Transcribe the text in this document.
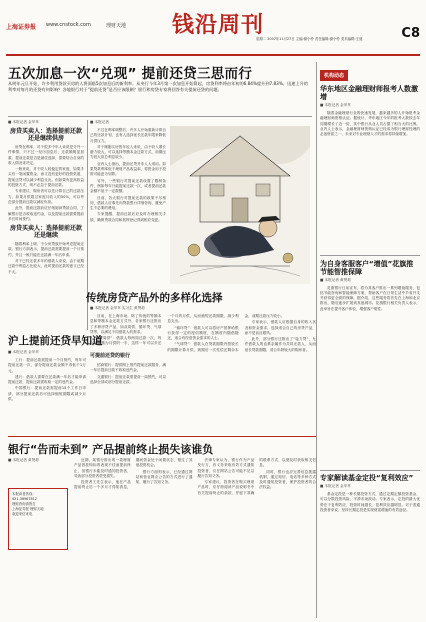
上海证券报 www.cnstock.com	理财天地 钱沿周刊
星期二 2007年11月27日 主编:谢小伶 责任编辑:谢小伶 美术编辑:王迪	C8
五次加息一次“兑现” 提前还贷三思而行
从明年元旦开始，许多利用贷款买房的人将面临5次加息后的新利率。从央行今年3月第一次加息开始算起，房贷利率将由年初的6.84%提升到7.83%。迅速上升的利率对每月的还贷有何影响？各地银行对于“提前还贷”是否应该限制？银行和房贷专家将回答有关提前还贷的问题。
■ 本报记者 金苹苹
房贷买卖人：选择提前还款还是继续供房

房贷在利率，对于很多中年人来说是分外一件事情，只不过一经历加息后，还款额明显加重。提前还款是否是最佳选择，需要结合自身的收入情况来决定。

一般来说，对于收入较稳定的家庭，如果手头有一笔闲置资金，而又没有更好的投资渠道，提前还贷可以减少利息支出。但如果有更高收益的投资方式，则不必急于提前还款。

专家建议，购房者可以先计算自己的还款压力，如果月供超过家庭月收入的50%，可以考虑部分提前还款以减轻负担。

此外，提前还款前应仔细阅读贷款合同，了解银行是否收取违约金，以及提前还款需要提前多长时间预约。

房贷买卖人：选择提前还款还是继续

随着利率上调，不少房贷族开始考虑提前还款。银行方面表示，提前还款需要提前一个月预约，并且一般只能在还款满一年后申请。

对于已经还款多年的借款人来说，由于前期还款中利息占比较大，此时提前还款的意义已经不大。

■ 本报记者

不过在利率调整后，许多人开始重新计算自己的还款计划，也有人选择延长还款年限来降低月供压力。

对于刚刚买房的年轻人来说，由于收入增长潜力较大，可以选择等额本金还款方式，前期压力较大但总利息较少。

业内人士指出，提前还贷并非人人适用。如果贷款利率低于理财产品收益率，将资金用于投资可能更为划算。

另外，一些银行对提前还款设置了限制条件，例如每年只能提前还款一次，或者提前还款金额不低于一定数额。

目前，各大银行对提前还款的政策不尽相同，借款人应事先向贷款银行详细咨询，避免产生不必要的费用。

专家提醒，提前还款后应及时办理相关手续，确保贷款合同和抵押登记得到相应变更。

传统房贷产品外的多样化选择
■ 本报记者 金苹苹 实习生 黄贤莉

目前，在上海市场，除了传统的等额本息和等额本金还款方式外，各家银行还推出了多种房贷产品，如双周供、循环贷、气球贷等，以满足不同借款人的需求。

“双周供”：借款人每两周还款一次，每次还款额为月供的一半，这样一年可以多还一个月的月供，从而缩短还款期限，减少利息支出。

“循环贷”：借款人可以将房产抵押给银行获得一定的授信额度，在额度内随借随还，适合有经营资金需求的人士。

“气球贷”：借款人在贷款期限内按较长的期限计算月供，到期后一次性偿还剩余本金，前期还款压力较小。

专家表示，借款人应根据自身的收入状况和资金需求，选择适合自己的房贷产品，而不是盲目跟风。

此外，部分银行还推出了“接力贷”，允许借款人的直系亲属作为共同还款人，从而延长贷款期限，适合年龄较大的购房者。

沪上提前还贷早知道
■ 本报记者 金苹苹

工行：提前还款需提前一个月预约，每年可提前还款一次，部分提前还款金额不得低于1万元。

建行：借款人需要在还款满一年后才能申请提前还款，提前还款需收取一定的违约金。

中国银行：提前还款需提前15个工作日申请，部分提前还款后可选择缩短期限或减少月供。

可提前还贷的银行

招商银行：提供网上预约提前还款服务，满一年后提前还款不收取违约金。

交通银行：提前还款需提前一周预约，可以选择全部或部分提前还款。

银行“告而未到” 产品提前终止损失该谁负
■ 本报记者 黄贤莉
本报读者热线：
021-38967812
理财咨询请拨打
上海证券报 理财天地
欢迎来信来电

近期，某银行推出的一款理财产品因挂钩标的表现不佳而提前终止，但银行未能及时通知投资者，导致部分投资者蒙受损失。

投资者王先生表示，他在产品提前终止后一个多月才得知消息，期间资金处于闲置状态，错过了其他投资机会。

银行方面则表示，已经通过网站和营业网点公告的方式进行了通知，履行了告知义务。

法律专家认为，银行作为产品发行方，有义务采取有效方式通知投资者，仅在网站公告可能不足以履行告知义务。

专家建议，投资者在购买理财产品时，应仔细阅读产品说明书中有关提前终止的条款，并留下准确的联系方式，以便及时获取相关信息。

同时，银行也应完善信息披露机制，通过短信、电话等多种方式及时通知投资者，保护投资者的合法权益。

机构动态
华东地区金融理财师报考人数激增
■ 本报记者 金苹苹

随着金融理财行业的快速发展，越来越多的人开始报考金融理财师资格认证。据统计，华东地区今年的报考人数较去年同期增长了近一倍，其中银行从业人员占据了相当大的比例。业内人士表示，金融理财师资格认证已经成为银行理财经理的必备资质之一，未来对专业理财人才的需求将持续增加。

为自身客服客户“增值”花旗推节能智推保障
■ 本报记者 黄贤莉

花旗银行日前宣布，将为其客户推出一系列增值服务，包括节能咨询和智能保障方案，帮助客户在日常生活中节省开支并获得更全面的保障。据介绍，这些服务将首先在上海和北京推出，随后逐步扩展到其他城市。花旗银行相关负责人表示，此举旨在提升客户体验，增强客户黏性。

专家解读基金定投“复利效应”
■ 本报记者 金苹苹

基金定投是一种长期投资方式，通过定期定额投资基金，可以分散投资风险，平滑市场波动。专家表示，定投的最大优势在于复利效应，投资时间越长，复利效应越明显。对于普通投资者来说，坚持长期定投是实现财富增值的有效途径。
